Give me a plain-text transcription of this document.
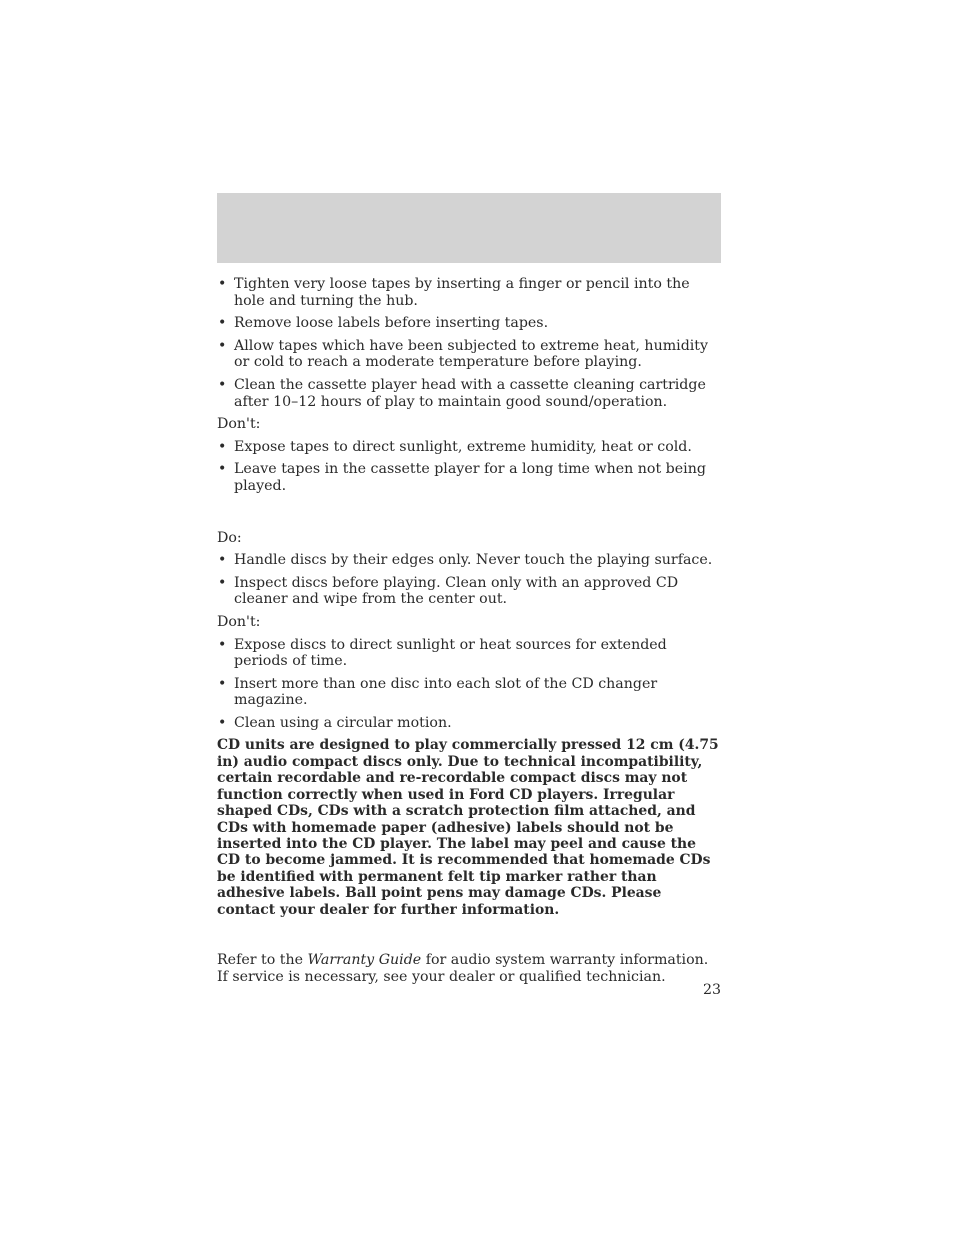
• Tighten very loose tapes by inserting a finger or pencil into the hole and turning the hub.
• Remove loose labels before inserting tapes.
• Allow tapes which have been subjected to extreme heat, humidity or cold to reach a moderate temperature before playing.
• Clean the cassette player head with a cassette cleaning cartridge after 10–12 hours of play to maintain good sound/operation.

Don't:

• Expose tapes to direct sunlight, extreme humidity, heat or cold.
• Leave tapes in the cassette player for a long time when not being played.

Do:

• Handle discs by their edges only. Never touch the playing surface.
• Inspect discs before playing. Clean only with an approved CD cleaner and wipe from the center out.

Don't:

• Expose discs to direct sunlight or heat sources for extended periods of time.
• Insert more than one disc into each slot of the CD changer magazine.
• Clean using a circular motion.

CD units are designed to play commercially pressed 12 cm (4.75 in) audio compact discs only. Due to technical incompatibility, certain recordable and re-recordable compact discs may not function correctly when used in Ford CD players. Irregular shaped CDs, CDs with a scratch protection film attached, and CDs with homemade paper (adhesive) labels should not be inserted into the CD player. The label may peel and cause the CD to become jammed. It is recommended that homemade CDs be identified with permanent felt tip marker rather than adhesive labels. Ball point pens may damage CDs. Please contact your dealer for further information.

Refer to the Warranty Guide for audio system warranty information. If service is necessary, see your dealer or qualified technician.

23
